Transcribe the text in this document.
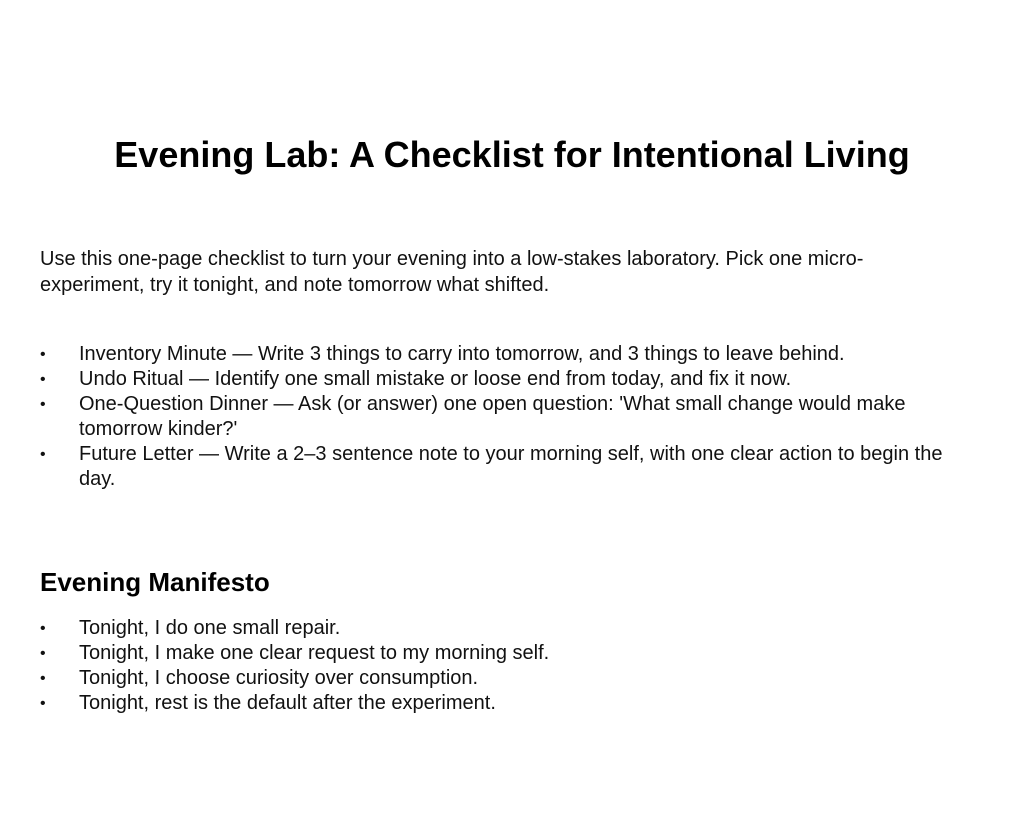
Evening Lab: A Checklist for Intentional Living

Use this one-page checklist to turn your evening into a low-stakes laboratory. Pick one micro-experiment, try it tonight, and note tomorrow what shifted.

• Inventory Minute — Write 3 things to carry into tomorrow, and 3 things to leave behind.
• Undo Ritual — Identify one small mistake or loose end from today, and fix it now.
• One-Question Dinner — Ask (or answer) one open question: 'What small change would make tomorrow kinder?'
• Future Letter — Write a 2–3 sentence note to your morning self, with one clear action to begin the day.
Evening Manifesto
• Tonight, I do one small repair.
• Tonight, I make one clear request to my morning self.
• Tonight, I choose curiosity over consumption.
• Tonight, rest is the default after the experiment.
